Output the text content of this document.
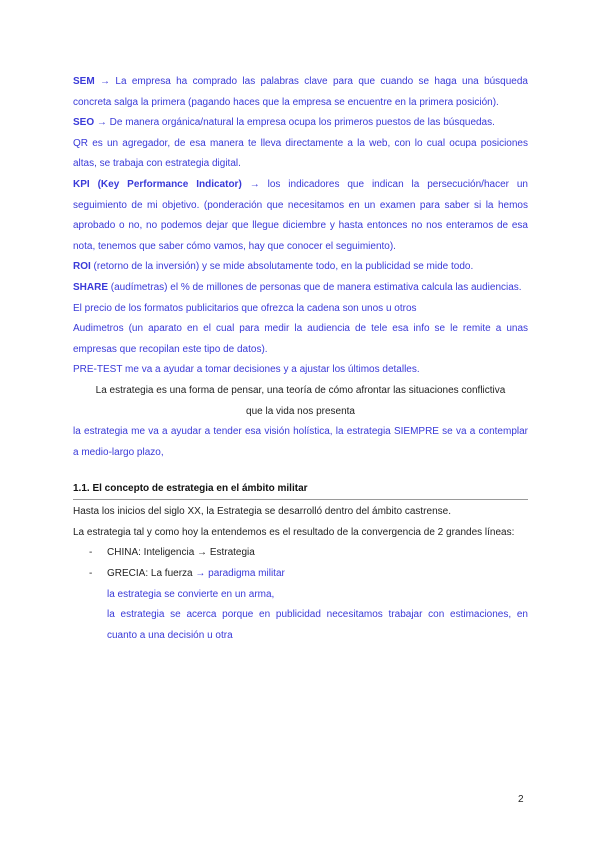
SEM → La empresa ha comprado las palabras clave para que cuando se haga una búsqueda concreta salga la primera (pagando haces que la empresa se encuentre en la primera posición).

SEO → De manera orgánica/natural la empresa ocupa los primeros puestos de las búsquedas.

QR es un agregador, de esa manera te lleva directamente a la web, con lo cual ocupa posiciones altas, se trabaja con estrategia digital.

KPI (Key Performance Indicator) → los indicadores que indican la persecución/hacer un seguimiento de mi objetivo. (ponderación que necesitamos en un examen para saber si la hemos aprobado o no, no podemos dejar que llegue diciembre y hasta entonces no nos enteramos de esa nota, tenemos que saber cómo vamos, hay que conocer el seguimiento).

ROI (retorno de la inversión) y se mide absolutamente todo, en la publicidad se mide todo.

SHARE (audímetras) el % de millones de personas que de manera estimativa calcula las audiencias.

El precio de los formatos publicitarios que ofrezca la cadena son unos u otros

Audimetros (un aparato en el cual para medir la audiencia de tele esa info se le remite a unas empresas que recopilan este tipo de datos).

PRE-TEST me va a ayudar a tomar decisiones y a ajustar los últimos detalles.

La estrategia es una forma de pensar, una teoría de cómo afrontar las situaciones conflictiva

que la vida nos presenta

la estrategia me va a ayudar a tender esa visión holística, la estrategia SIEMPRE se va a contemplar a medio-largo plazo,

1.1. El concepto de estrategia en el ámbito militar

Hasta los inicios del siglo XX, la Estrategia se desarrolló dentro del ámbito castrense.

La estrategia tal y como hoy la entendemos es el resultado de la convergencia de 2 grandes líneas:

-	CHINA: Inteligencia → Estrategia
-	GRECIA: La fuerza → paradigma militar

la estrategia se convierte en un arma,

la estrategia se acerca porque en publicidad necesitamos trabajar con estimaciones, en cuanto a una decisión u otra

2
